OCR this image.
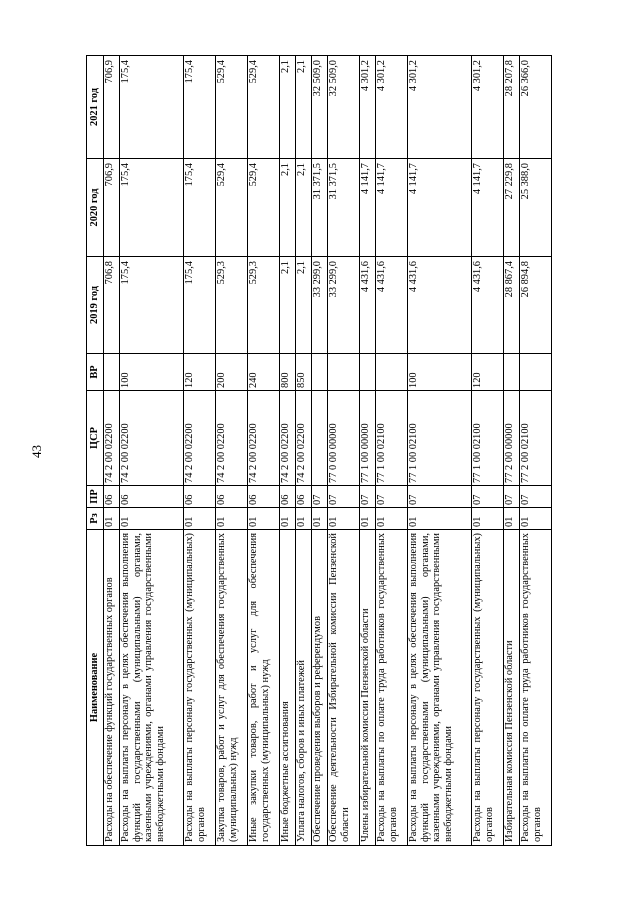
43
Наименование	Рз	ПР	ЦСР	ВР	2019 год	2020 год	2021 год
Расходы на обеспечение функций государственных органов	01	06	74 2 00 02200		706,8	706,9	706,9
Расходы на выплаты персоналу в целях обеспечения выполнения функций государственными (муниципальными) органами, казенными учреждениями, органами управления государственными внебюджетными фондами	01	06	74 2 00 02200	100	175,4	175,4	175,4
Расходы на выплаты персоналу государственных (муниципальных) органов	01	06	74 2 00 02200	120	175,4	175,4	175,4
Закупка товаров, работ и услуг для обеспечения государственных (муниципальных) нужд	01	06	74 2 00 02200	200	529,3	529,4	529,4
Иные закупки товаров, работ и услуг для обеспечения государственных (муниципальных) нужд	01	06	74 2 00 02200	240	529,3	529,4	529,4
Иные бюджетные ассигнования	01	06	74 2 00 02200	800	2,1	2,1	2,1
Уплата налогов, сборов и иных платежей	01	06	74 2 00 02200	850	2,1	2,1	2,1
Обеспечение проведения выборов и референдумов	01	07			33 299,0	31 371,5	32 509,0
Обеспечение деятельности Избирательной комиссии Пензенской области	01	07	77 0 00 00000		33 299,0	31 371,5	32 509,0
Члены избирательной комиссии Пензенской области	01	07	77 1 00 00000		4 431,6	4 141,7	4 301,2
Расходы на выплаты по оплате труда работников государственных органов	01	07	77 1 00 02100		4 431,6	4 141,7	4 301,2
Расходы на выплаты персоналу в целях обеспечения выполнения функций государственными (муниципальными) органами, казенными учреждениями, органами управления государственными внебюджетными фондами	01	07	77 1 00 02100	100	4 431,6	4 141,7	4 301,2
Расходы на выплаты персоналу государственных (муниципальных) органов	01	07	77 1 00 02100	120	4 431,6	4 141,7	4 301,2
Избирательная комиссия Пензенской области	01	07	77 2 00 00000		28 867,4	27 229,8	28 207,8
Расходы на выплаты по оплате труда работников государственных органов	01	07	77 2 00 02100		26 894,8	25 388,0	26 366,0
